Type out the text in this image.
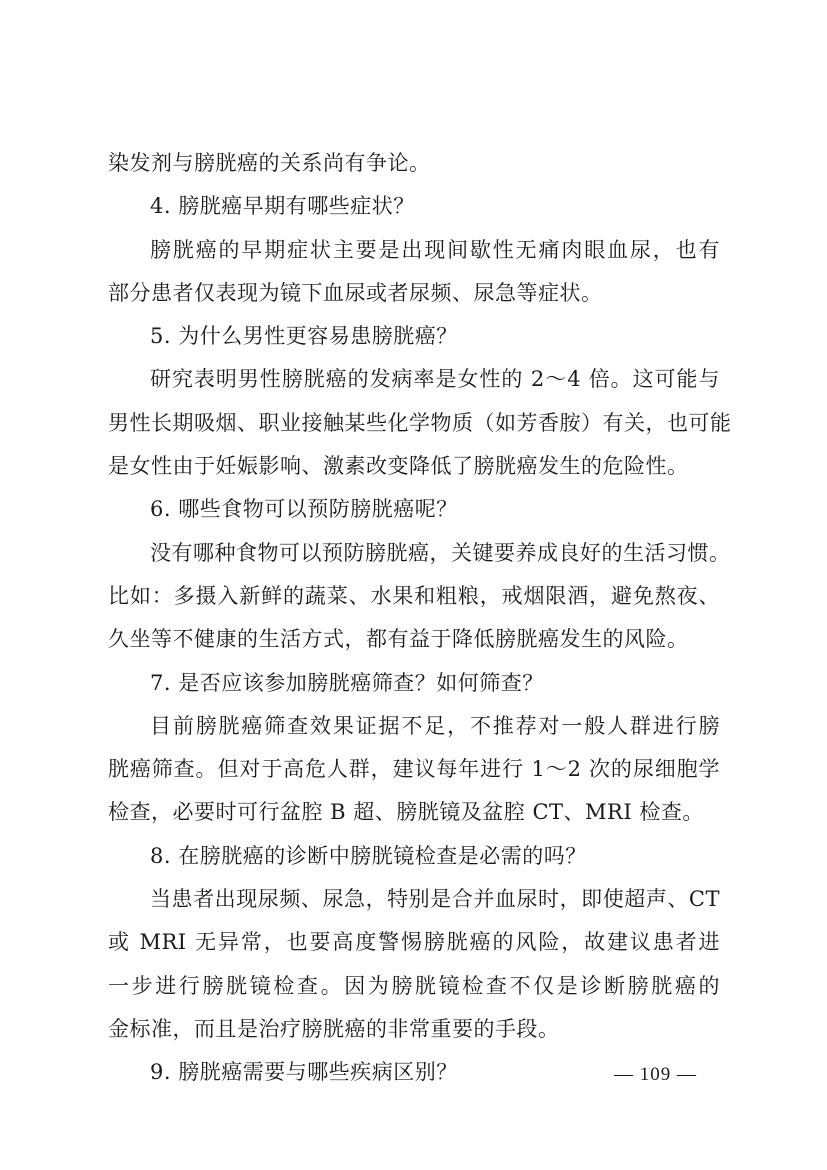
染发剂与膀胱癌的关系尚有争论。
4. 膀胱癌早期有哪些症状？
膀胱癌的早期症状主要是出现间歇性无痛肉眼血尿，也有
部分患者仅表现为镜下血尿或者尿频、尿急等症状。
5. 为什么男性更容易患膀胱癌？
研究表明男性膀胱癌的发病率是女性的 2～4 倍。这可能与
男性长期吸烟、职业接触某些化学物质（如芳香胺）有关，也可能
是女性由于妊娠影响、激素改变降低了膀胱癌发生的危险性。
6. 哪些食物可以预防膀胱癌呢？
没有哪种食物可以预防膀胱癌，关键要养成良好的生活习惯。
比如：多摄入新鲜的蔬菜、水果和粗粮，戒烟限酒，避免熬夜、
久坐等不健康的生活方式，都有益于降低膀胱癌发生的风险。
7. 是否应该参加膀胱癌筛查？如何筛查？
目前膀胱癌筛查效果证据不足，不推荐对一般人群进行膀
胱癌筛查。但对于高危人群，建议每年进行 1～2 次的尿细胞学
检查，必要时可行盆腔 B 超、膀胱镜及盆腔 CT、MRI 检查。
8. 在膀胱癌的诊断中膀胱镜检查是必需的吗？
当患者出现尿频、尿急，特别是合并血尿时，即使超声、CT
或 MRI 无异常，也要高度警惕膀胱癌的风险，故建议患者进
一步进行膀胱镜检查。因为膀胱镜检查不仅是诊断膀胱癌的
金标准，而且是治疗膀胱癌的非常重要的手段。
9. 膀胱癌需要与哪些疾病区别？	— 109 —
